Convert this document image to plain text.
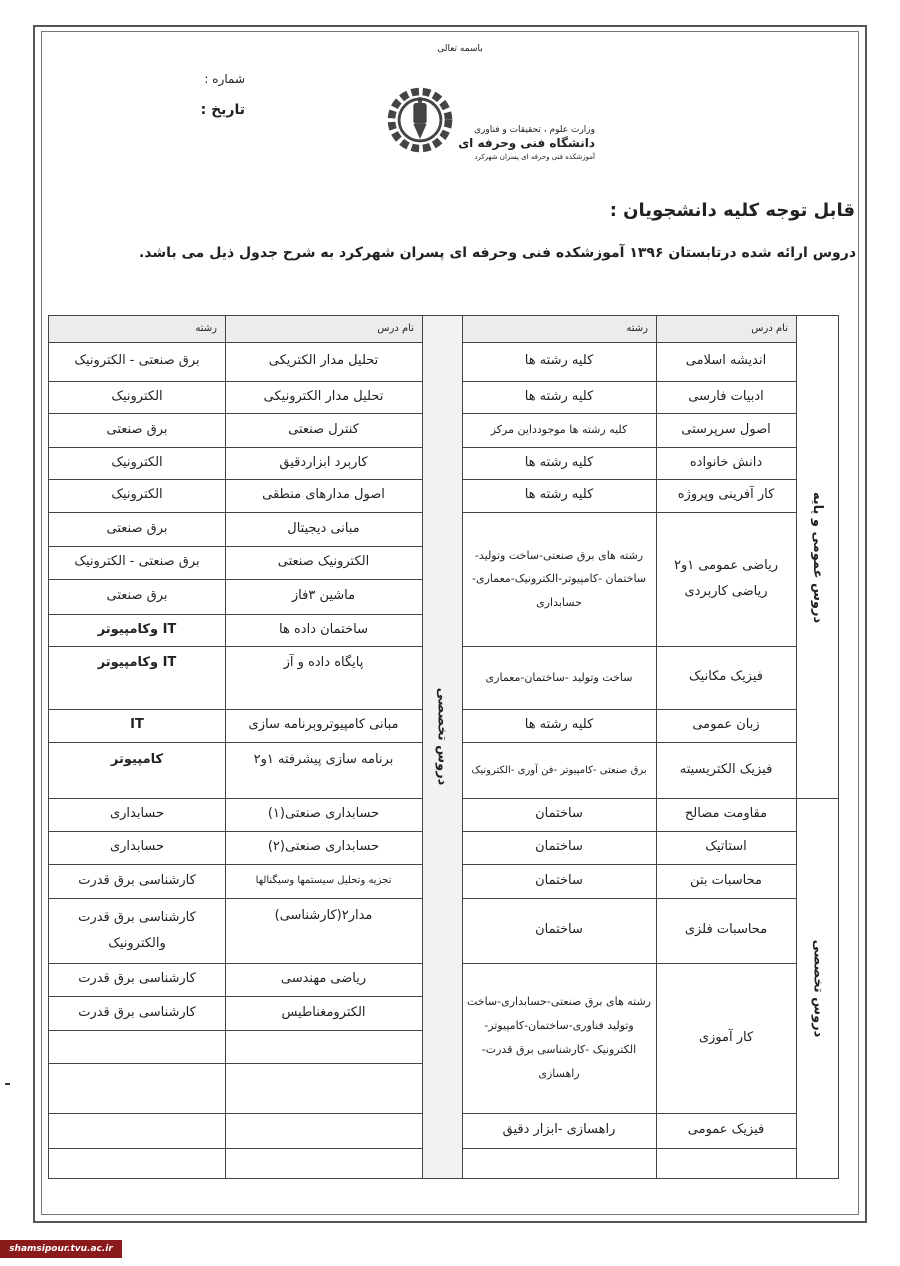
باسمه تعالی
شماره :
تاریخ :
وزارت علوم ، تحقیقات و فناوری
دانشگاه فنی وحرفه ای
آموزشکده فنی وحرفه ای پسران شهرکرد
قابل توجه کلیه دانشجویان :
دروس ارائه شده درتابستان ۱۳۹۶ آموزشکده فنی وحرفه ای پسران شهرکرد به شرح جدول ذیل می باشد.
نام درس
رشته
نام درس
رشته
دروس عمومی و پایه
دروس تخصصی
دروس تخصصی
اندیشه اسلامی
کلیه رشته ها
ادبیات فارسی
کلیه رشته ها
اصول سرپرستی
کلیه رشته ها موجودداین مرکز
دانش خانواده
کلیه رشته ها
کار آفرینی وپروژه
کلیه رشته ها
ریاضی عمومی ۱و۲ ریاضی کاربردی
رشته های برق صنعتی-ساخت وتولید-ساختمان -کامپیوتر-الکترونیک-معماری-حسابداری
فیزیک مکانیک
ساخت وتولید -ساختمان-معماری
زبان عمومی
کلیه رشته ها
فیزیک الکتریسیته
برق صنعتی -کامپیوتر -فن آوری -الکترونیک
مقاومت مصالح
ساختمان
استاتیک
ساختمان
محاسبات بتن
ساختمان
محاسبات فلزی
ساختمان
کار آموزی
رشته های برق صنعتی-حسابداری-ساخت وتولید فناوری-ساختمان-کامپیوتر-الکترونیک -کارشناسی برق قدرت-راهسازی
فیزیک عمومی
راهسازی -ابزار دقیق
تحلیل مدار الکتریکی
برق صنعتی - الکترونیک
تحلیل مدار الکترونیکی
الکترونیک
کنترل صنعتی
برق صنعتی
کاربرد ابزاردقیق
الکترونیک
اصول مدارهای منطقی
الکترونیک
مبانی دیجیتال
برق صنعتی
الکترونیک صنعتی
برق صنعتی - الکترونیک
ماشین ۳فاز
برق صنعتی
ساختمان داده ها
IT وکامپیوتر
پایگاه داده و آز
IT وکامپیوتر
مبانی کامپیوتروبرنامه سازی
IT
برنامه سازی پیشرفته ۱و۲
کامپیوتر
حسابداری صنعتی(۱)
حسابداری
حسابداری صنعتی(۲)
حسابداری
تجزیه وتحلیل سیستمها وسیگنالها
کارشناسی برق قدرت
مدار۲(کارشناسی)
کارشناسی برق قدرت والکترونیک
ریاضی مهندسی
کارشناسی برق قدرت
الکترومغناطیس
کارشناسی برق قدرت
shamsipour.tvu.ac.ir
